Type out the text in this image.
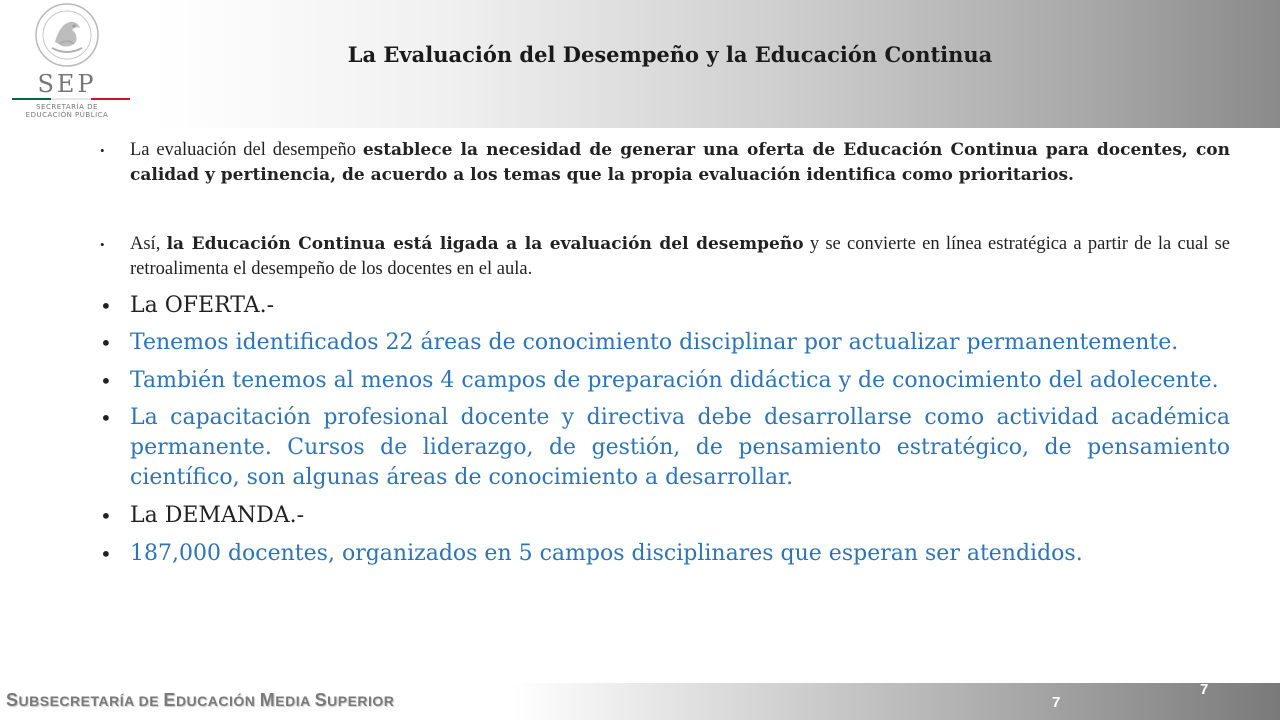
SEP
SECRETARÍA DE
EDUCACIÓN PÚBLICA
La Evaluación del Desempeño y la Educación Continua
• La evaluación del desempeño establece la necesidad de generar una oferta de Educación Continua para docentes, con calidad y pertinencia, de acuerdo a los temas que la propia evaluación identifica como prioritarios.
• Así, la Educación Continua está ligada a la evaluación del desempeño y se convierte en línea estratégica a partir de la cual se retroalimenta el desempeño de los docentes en el aula.
• La OFERTA.-
• Tenemos identificados 22 áreas de conocimiento disciplinar por actualizar permanentemente.
• También tenemos al menos 4 campos de preparación didáctica y de conocimiento del adolecente.
• La capacitación profesional docente y directiva debe desarrollarse como actividad académica permanente. Cursos de liderazgo, de gestión, de pensamiento estratégico, de pensamiento científico, son algunas áreas de conocimiento a desarrollar.
• La DEMANDA.-
• 187,000 docentes, organizados en 5 campos disciplinares que esperan ser atendidos.
SUBSECRETARÍA DE EDUCACIÓN MEDIA SUPERIOR	7
7
